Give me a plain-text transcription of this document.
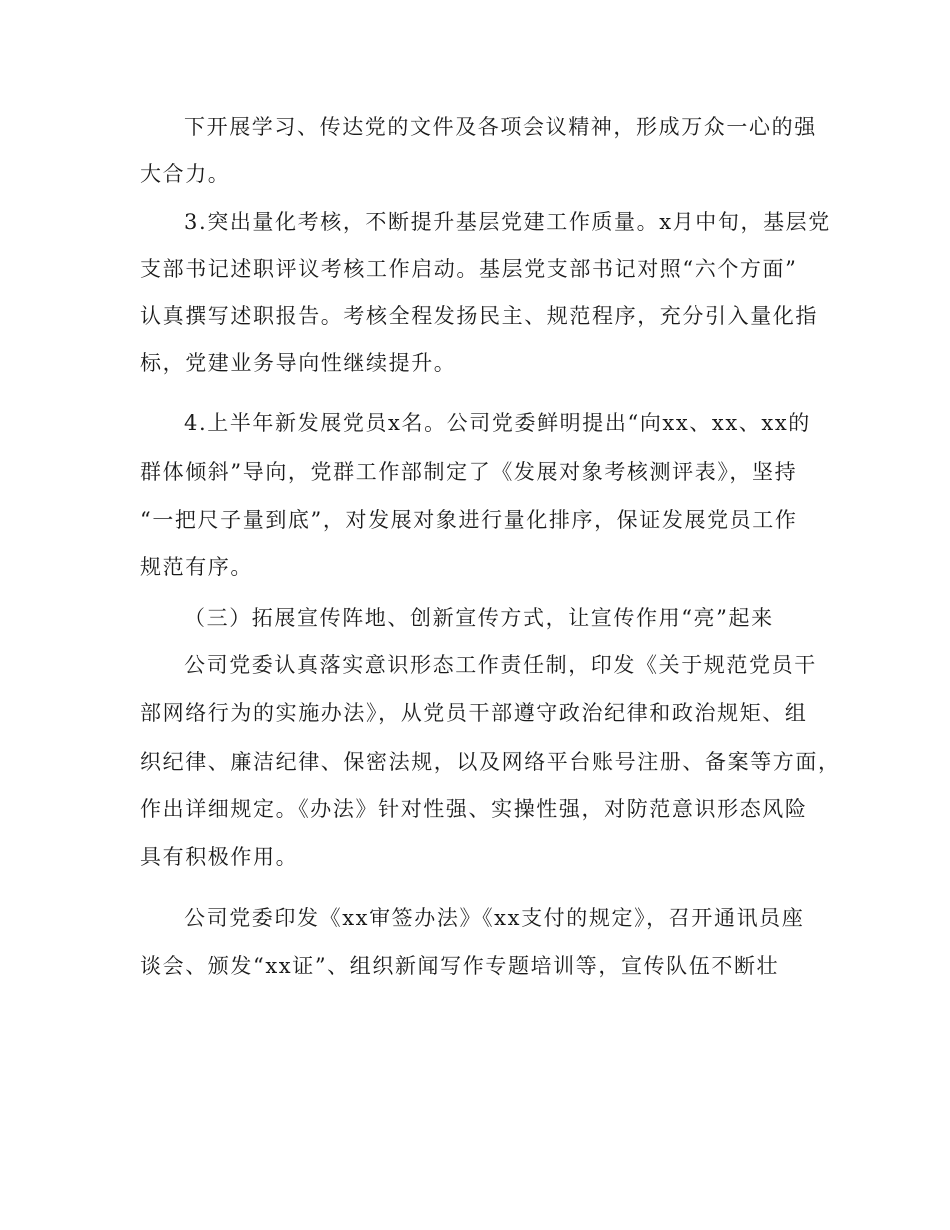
下开展学习、传达党的文件及各项会议精神，形成万众一心的强
大合力。
3.突出量化考核，不断提升基层党建工作质量。x月中旬，基层党
支部书记述职评议考核工作启动。基层党支部书记对照“六个方面”
认真撰写述职报告。考核全程发扬民主、规范程序，充分引入量化指
标，党建业务导向性继续提升。
4.上半年新发展党员x名。公司党委鲜明提出“向xx、xx、xx的
群体倾斜”导向，党群工作部制定了《发展对象考核测评表》，坚持
“一把尺子量到底”，对发展对象进行量化排序，保证发展党员工作
规范有序。
（三）拓展宣传阵地、创新宣传方式，让宣传作用“亮”起来
公司党委认真落实意识形态工作责任制，印发《关于规范党员干
部网络行为的实施办法》，从党员干部遵守政治纪律和政治规矩、组
织纪律、廉洁纪律、保密法规，以及网络平台账号注册、备案等方面，
作出详细规定。《办法》针对性强、实操性强，对防范意识形态风险
具有积极作用。
公司党委印发《xx审签办法》《xx支付的规定》，召开通讯员座
谈会、颁发“xx证”、组织新闻写作专题培训等，宣传队伍不断壮
